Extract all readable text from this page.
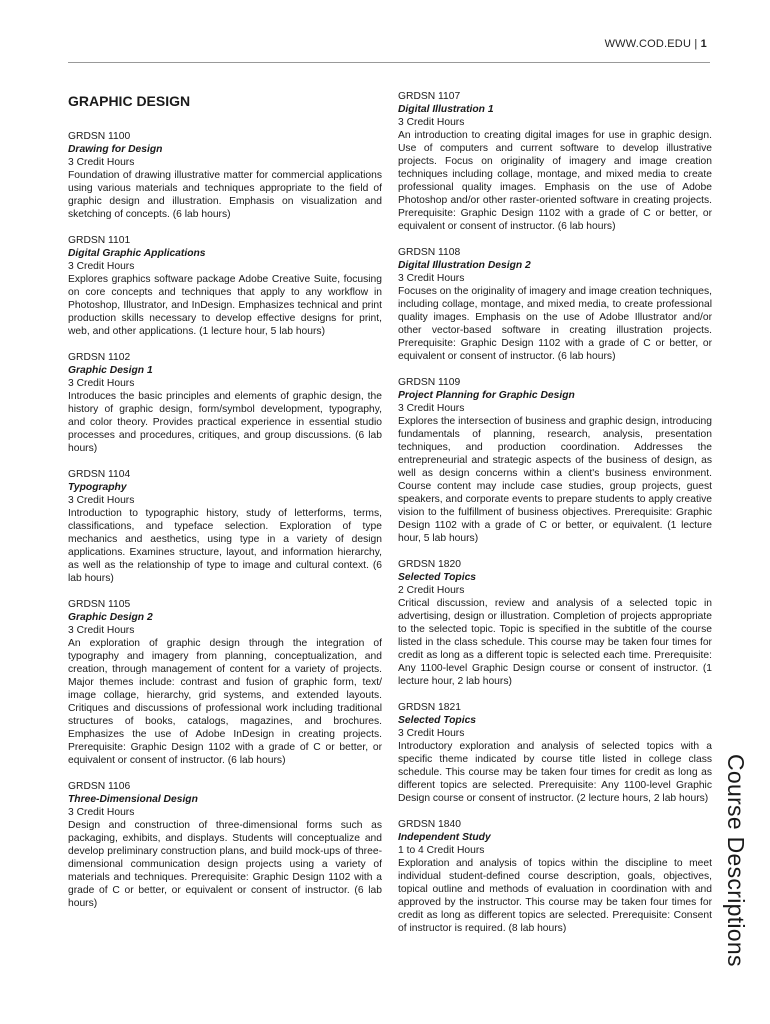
WWW.COD.EDU | 1
GRAPHIC DESIGN

GRDSN 1100

Drawing for Design

3 Credit Hours

Foundation of drawing illustrative matter for commercial applications using various materials and techniques appropriate to the field of graphic design and illustration. Emphasis on visualization and sketching of concepts. (6 lab hours)

GRDSN 1101

Digital Graphic Applications

3 Credit Hours

Explores graphics software package Adobe Creative Suite, focusing on core concepts and techniques that apply to any workflow in Photoshop, Illustrator, and InDesign. Emphasizes technical and print production skills necessary to develop effective designs for print, web, and other applications. (1 lecture hour, 5 lab hours)

GRDSN 1102

Graphic Design 1

3 Credit Hours

Introduces the basic principles and elements of graphic design, the history of graphic design, form/symbol development, typography, and color theory. Provides practical experience in essential studio processes and procedures, critiques, and group discussions. (6 lab hours)

GRDSN 1104

Typography

3 Credit Hours

Introduction to typographic history, study of letterforms, terms, classifications, and typeface selection. Exploration of type mechanics and aesthetics, using type in a variety of design applications. Examines structure, layout, and information hierarchy, as well as the relationship of type to image and cultural context. (6 lab hours)

GRDSN 1105

Graphic Design 2

3 Credit Hours

An exploration of graphic design through the integration of typography and imagery from planning, conceptualization, and creation, through management of content for a variety of projects. Major themes include: contrast and fusion of graphic form, text/ image collage, hierarchy, grid systems, and extended layouts. Critiques and discussions of professional work including traditional structures of books, catalogs, magazines, and brochures. Emphasizes the use of Adobe InDesign in creating projects. Prerequisite: Graphic Design 1102 with a grade of C or better, or equivalent or consent of instructor. (6 lab hours)

GRDSN 1106

Three-Dimensional Design

3 Credit Hours

Design and construction of three-dimensional forms such as packaging, exhibits, and displays. Students will conceptualize and develop preliminary construction plans, and build mock-ups of three-dimensional communication design projects using a variety of materials and techniques. Prerequisite: Graphic Design 1102 with a grade of C or better, or equivalent or consent of instructor. (6 lab hours)

GRDSN 1107

Digital Illustration 1

3 Credit Hours

An introduction to creating digital images for use in graphic design. Use of computers and current software to develop illustrative projects. Focus on originality of imagery and image creation techniques including collage, montage, and mixed media to create professional quality images. Emphasis on the use of Adobe Photoshop and/or other raster-oriented software in creating projects. Prerequisite: Graphic Design 1102 with a grade of C or better, or equivalent or consent of instructor. (6 lab hours)

GRDSN 1108

Digital Illustration Design 2

3 Credit Hours

Focuses on the originality of imagery and image creation techniques, including collage, montage, and mixed media, to create professional quality images. Emphasis on the use of Adobe Illustrator and/or other vector-based software in creating illustration projects. Prerequisite: Graphic Design 1102 with a grade of C or better, or equivalent or consent of instructor. (6 lab hours)

GRDSN 1109

Project Planning for Graphic Design

3 Credit Hours

Explores the intersection of business and graphic design, introducing fundamentals of planning, research, analysis, presentation techniques, and production coordination. Addresses the entrepreneurial and strategic aspects of the business of design, as well as design concerns within a client's business environment. Course content may include case studies, group projects, guest speakers, and corporate events to prepare students to apply creative vision to the fulfillment of business objectives. Prerequisite: Graphic Design 1102 with a grade of C or better, or equivalent. (1 lecture hour, 5 lab hours)

GRDSN 1820

Selected Topics

2 Credit Hours

Critical discussion, review and analysis of a selected topic in advertising, design or illustration. Completion of projects appropriate to the selected topic. Topic is specified in the subtitle of the course listed in the class schedule. This course may be taken four times for credit as long as a different topic is selected each time. Prerequisite: Any 1100-level Graphic Design course or consent of instructor. (1 lecture hour, 2 lab hours)

GRDSN 1821

Selected Topics

3 Credit Hours

Introductory exploration and analysis of selected topics with a specific theme indicated by course title listed in college class schedule. This course may be taken four times for credit as long as different topics are selected. Prerequisite: Any 1100-level Graphic Design course or consent of instructor. (2 lecture hours, 2 lab hours)

GRDSN 1840

Independent Study

1 to 4 Credit Hours

Exploration and analysis of topics within the discipline to meet individual student-defined course description, goals, objectives, topical outline and methods of evaluation in coordination with and approved by the instructor. This course may be taken four times for credit as long as different topics are selected. Prerequisite: Consent of instructor is required. (8 lab hours)	Course Descriptions
